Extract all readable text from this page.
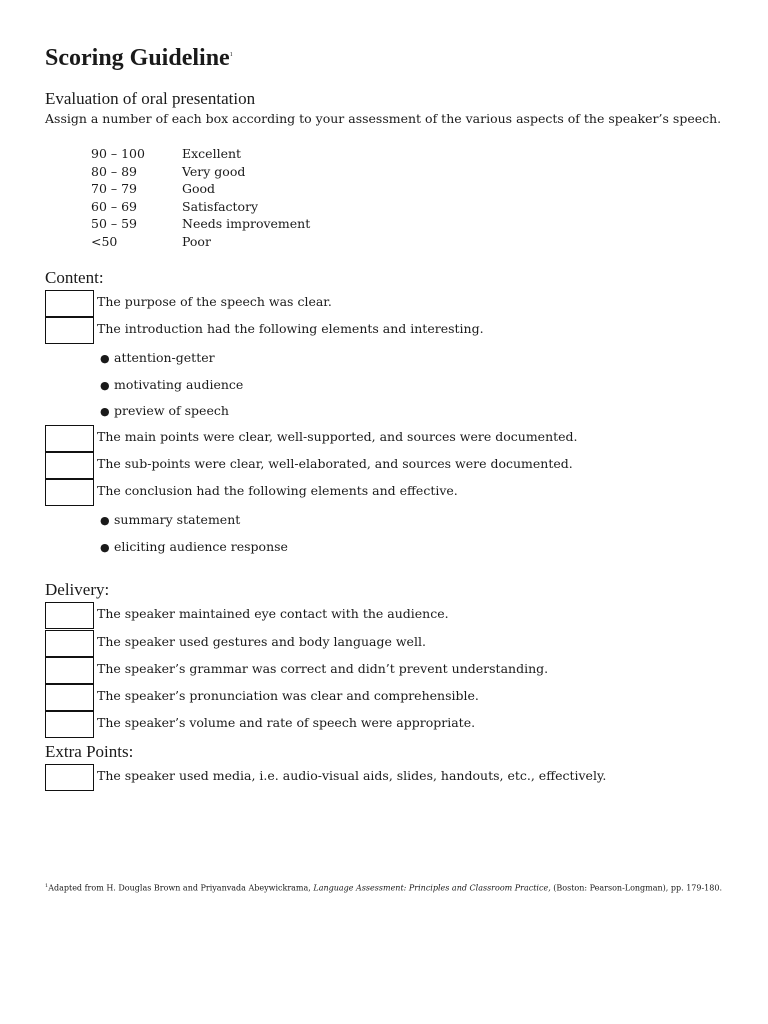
Scoring Guideline$^1$
Evaluation of oral presentation
Assign a number of each box according to your assessment of the various aspects of the speaker’s speech.
90 – 100	Excellent
80 – 89	Very good
70 – 79	Good
60 – 69	Satisfactory
50 – 59	Needs improvement
<50	Poor
Content:
The purpose of the speech was clear.
The introduction had the following elements and interesting.
● attention-getter
● motivating audience
● preview of speech
The main points were clear, well-supported, and sources were documented.
The sub-points were clear, well-elaborated, and sources were documented.
The conclusion had the following elements and effective.
● summary statement
● eliciting audience response
Delivery:
The speaker maintained eye contact with the audience.
The speaker used gestures and body language well.
The speaker’s grammar was correct and didn’t prevent understanding.
The speaker’s pronunciation was clear and comprehensible.
The speaker’s volume and rate of speech were appropriate.
Extra Points:
The speaker used media, i.e. audio-visual aids, slides, handouts, etc., effectively.
$^1$Adapted from H. Douglas Brown and Priyanvada Abeywickrama, Language Assessment: Principles and Classroom Practice, (Boston: Pearson-Longman), pp. 179-180.
